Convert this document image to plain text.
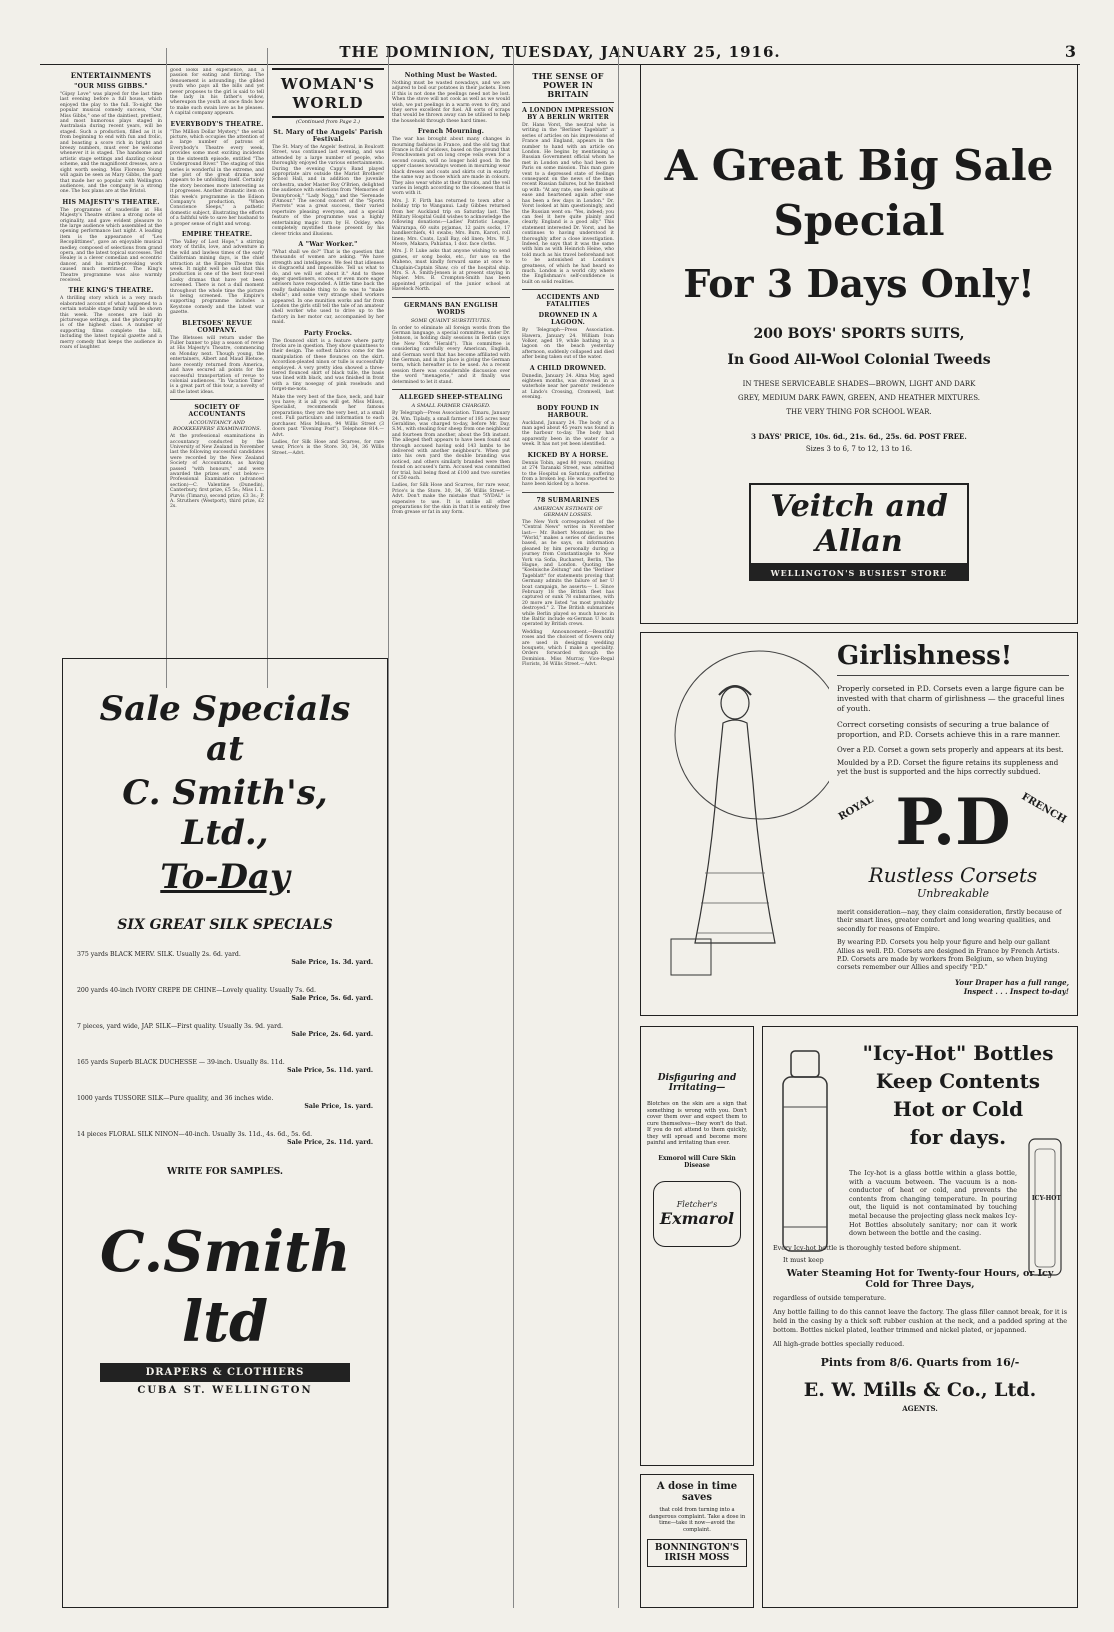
THE DOMINION, TUESDAY, JANUARY 25, 1916.	3
ENTERTAINMENTS
"OUR MISS GIBBS."

"Gipsy Love" was played for the last time last evening before a full house, which enjoyed the play to the full. To-night the popular musical comedy success, "Our Miss Gibbs," one of the daintiest, prettiest, and most humorous plays staged in Australasia during recent years, will be staged. Such a production, filled as it is from beginning to end with fun and frolic, and boasting a score rich in bright and breezy numbers, must ever be welcome whenever it is staged. The handsome and artistic stage settings and dazzling colour scheme, and the magnificent dresses, are a sight worth seeing. Miss Florence Young will again be seen as Mary Gibbs, the part that made her so popular with Wellington audiences, and the company is a strong one. The box plans are at the Bristol.

HIS MAJESTY'S THEATRE.

The programme of vaudeville at His Majesty's Theatre strikes a strong note of originality, and gave evident pleasure to the large audience which assembled at the opening performance last night. A leading item is the appearance of "Les Recoplittimes", gave an enjoyable musical medley, composed of selections from grand opera, and the latest topical successes. Ted Healey is a clever comedian and eccentric dancer, and his mirth-provoking work caused much merriment. The King's Theatre programme was also warmly received.

THE KING'S THEATRE.

A thrilling story which is a very much elaborated account of what happened to a certain notable stage family will be shown this week. The scenes are laid in picturesque settings, and the photography is of the highest class. A number of supporting films complete the bill, including the latest topical gazette and a merry comedy that keeps the audience in roars of laughter.

good looks and experience, and a passion for eating and flirting. The denouement is astounding; the gilded youth who pays all the bills and yet never proposes to the girl is said to tell the lady in his father's widow, whereupon the youth at once finds how to make such swain love as he pleases. A capital company appears.

EVERYBODY'S THEATRE.

"The Million Dollar Mystery," the serial picture, which occupies the attention of a large number of patrons of Everybody's Theatre every week, provides some most exciting incidents in the sixteenth episode, entitled "The Underground River." The staging of this series is wonderful in the extreme, and the plot of the great drama now appears to be unfolding itself. Certainly the story becomes more interesting as it progresses. Another dramatic item on this week's programme is the Edison Company's production, "When Conscience Sleeps," a pathetic domestic subject, illustrating the efforts of a faithful wife to save her husband to a proper sense of right and wrong.

EMPIRE THEATRE.

"The Valley of Lost Hope," a stirring story of thrills, love, and adventure in the wild and lawless times of the early Californian mining days, is the chief attraction at the Empire Theatre this week. It might well be said that this production is one of the best four-reel Lasky dramas that have yet been screened. There is not a dull moment throughout the whole time the picture is being screened. The Empire's supporting programme includes a Keystone comedy and the latest war gazette.

BLETSOES' REVUE COMPANY.

The Bletsoes will return under the Fuller banner to play a season of revue at His Majesty's Theatre, commencing on Monday next. Though young, the entertainers, Albert and Maud Bletsoe, have recently returned from America, and have secured all points for the successful transportation of revue to colonial audiences. "In Vacation Time" is a great part of this tour, a novelty of all the latest ideas.

SOCIETY OF ACCOUNTANTS
ACCOUNTANCY AND BOOKKEEPERS' EXAMINATIONS.

At the professional examinations in accountancy conducted by the University of New Zealand in November last the following successful candidates were recorded by the New Zealand Society of Accountants, as having passed "with honours," and were awarded the prizes set out below:— Professional Examination (advanced section)—C. Valentine (Dunedin), Canterbury, first prize, £5 5s.; Miss I. L. Purvis (Timaru), second prize, £3 3s.; P. A. Struthers (Westport), third prize, £2 2s.

WOMAN'S WORLD
(Continued from Page 2.)
St. Mary of the Angels' Parish Festival.

The St. Mary of the Angels' festival, in Boulcott Street, was continued last evening, and was attended by a large number of people, who thoroughly enjoyed the various entertainments. During the evening Capp's Band played appropriate airs outside the Marist Brothers' School Hall, and in addition the juvenile orchestra, under Master Roy O'Brien, delighted the audience with selections from "Memories of Donnybrook," "Lady Nogg," and the "Serenade d'Amour." The second concert of the "Sports Pierrots" was a great success, their varied repertoire pleasing everyone, and a special feature of the programme was a highly entertaining magic turn by H. Ockley, who completely mystified those present by his clever tricks and illusions.

A "War Worker."

"What shall we do?" That is the question that thousands of women are asking. "We have strength and intelligence. We feel that idleness is disgraceful and impossible. Tell us what to do, and we will set about it." And to these eager questioners, scores, or even more eager advisers have responded. A little time back the really fashionable thing to do was to "make shells"; and some very strange shell workers appeared. In one munition works and far from London the girls still tell the tale of an amateur shell worker who used to drive up to the factory in her motor car, accompanied by her maid.

Party Frocks.

The flounced skirt is a feature where party frocks are in question. They show quaintness to their design. The softest fabrics come for the manipulation of these flounces on the skirt. Accordion-pleated ninon or tulle is successfully employed. A very pretty idea showed a three-tiered flounced skirt of black tulle, the basis was lined with black, and was finished in front with a tiny nosegay of pink rosebuds and forget-me-nots.

Make the very best of the face, neck, and hair you have; it is all you will get. Miss Milson, Specialist, recommends her famous preparations; they are the very best, at a small cost. Full particulars and information to each purchaser. Miss Milson, 94 Willis Street (3 doors past "Evening Post"). Telephone 814.—Advt.

Ladies, for Silk Hose and Scarves, for rare wear, Price's is the Store. 30, 34, 36 Willis Street.—Advt.

Nothing Must be Wasted.

Nothing must be wasted nowadays, and we are adjured to boil our potatoes in their jackets. Even if this is not done the peelings need not be lost. When the stove will not cook as well as we would wish, we put peelings in a warm oven to dry, and they serve excellent for fuel. All sorts of scraps that would be thrown away can be utilised to help the household through these hard times.

French Mourning.

The war has brought about many changes in mourning fashions in France, and the old tag that France is full of widows, based on the ground that Frenchwomen put on long crepe veils even for a second cousin, will no longer hold good. In the upper classes nowadays women in mourning wear black dresses and coats and skirts cut in exactly the same way as those which are made in colours. They also wear white at their throats, and the veil varies in length according to the closeness that is worn with it.

Mrs. J. F. Firth has returned to town after a holiday trip to Wanganui. Lady Gibbes returned from her Auckland trip on Saturday last. The Military Hospital Guild wishes to acknowledge the following donations:—Ladies' Patriotic League, Wairarapa, 60 suits pyjamas, 12 pairs socks, 17 handkerchiefs, 41 swabs; Mrs. Burn, Karori, roll linen; Mrs. Coats, Lyall Bay, old linen; Mrs. W. J. Moore, Makara, Pahiatua, 1 doz. face cloths.

Mrs. J. P. Luke asks that anyone wishing to send games, or song books, etc., for use on the Maheno, must kindly forward same at once to Chaplain-Captain Shaw, c/o of the hospital ship. Mrs. S. A. Smith-Jensen is at present staying in Napier. Mrs. B. Crompton-Smith has been appointed principal of the junior school at Havelock North.

GERMANS BAN ENGLISH WORDS
SOME QUAINT SUBSTITUTES.

In order to eliminate all foreign words from the German language, a special committee, under Dr. Johnson, is holding daily sessions in Berlin (says the New York "Herald"). This committee is considering carefully every American, English, and German word that has become affiliated with the German, and in its place is giving the German term, which hereafter is to be used. As a recent session there was considerable discussion over the word "menagerie," and it finally was determined to let it stand.

ALLEGED SHEEP-STEALING
A SMALL FARMER CHARGED.

By Telegraph—Press Association. Timaru, January 24. Wm. Tiplady, a small farmer of 185 acres near Geraldine, was charged to-day, before Mr. Day, S.M., with stealing four sheep from one neighbour and fourteen from another, about the 5th instant. The alleged theft appears to have been found out through accused having sold 143 lambs to be delivered with another neighbour's. When put into his own yard the double branding was noticed, and others similarly branded were then found on accused's farm. Accused was committed for trial, bail being fixed at £100 and two sureties of £50 each.

Ladies, for Silk Hose and Scarves, for rare wear, Price's is the Store. 30, 34, 36 Willis Street.—Advt. Don't make the mistake that "SYDAL" is expensive to use. It is unlike all other preparations for the skin in that it is entirely free from grease or fat in any form.

THE SENSE OF POWER IN BRITAIN
A LONDON IMPRESSION BY A BERLIN WRITER

Dr. Hans Vorst, the neutral who is writing in the "Berliner Tageblatt" a series of articles on his impressions of France and England, appears in the number to hand with an article on London. He begins by mentioning a Russian Government official whom he met in London and who had been in Paris on some mission. This man gave vent to a depressed state of feelings consequent on the news of the then recent Russian failures, but he finished up with: "At any rate, one feels quite at ease and heartened again after one has been a few days in London." Dr. Vorst looked at him questioningly, and the Russian went on: "Yes, indeed; you can feel it here quite plainly and clearly. England is a good ally." This statement interested Dr. Vorst, and he continues to having understood it thoroughly after a close investigation. Indeed, he says that it was the same with him as with Heinrich Heine, who told much as his travel beforehand not to be astonished at London's greatness, of which he had heard so much. London is a world city where the Englishman's self-confidence is built on solid realities.

ACCIDENTS AND FATALITIES
DROWNED IN A LAGOON.

By Telegraph—Press Association. Hawera, January 24. William Ivan Volker, aged 19, while bathing in a lagoon on the beach yesterday afternoon, suddenly collapsed and died after being taken out of the water.

A CHILD DROWNED.

Dunedin, January 24. Alma May, aged eighteen months, was drowned in a waterhole near her parents' residence at Lindo's Crossing, Cromwell, last evening.

BODY FOUND IN HARBOUR.

Auckland, January 24. The body of a man aged about 45 years was found in the harbour to-day. The body had apparently been in the water for a week. It has not yet been identified.

KICKED BY A HORSE.

Dennis Tobin, aged 80 years, residing at 274 Taranaki Street, was admitted to the Hospital on Saturday, suffering from a broken leg. He was reported to have been kicked by a horse.

78 SUBMARINES
AMERICAN ESTIMATE OF GERMAN LOSSES.

The New York correspondent of the "Central News" writes in November last:— Mr. Robert Mountsier, in the "World," makes a series of disclosures based, as he says, on information gleaned by him personally during a journey from Constantinople to New York via Sofia, Bucharest, Berlin, The Hague, and London. Quoting the "Koelnische Zeitung" and the "Berliner Tageblatt" for statements proving that Germany admits the failure of her U boat campaign, he asserts:— 1. Since February 18 the British fleet has captured or sunk 78 submarines, with 20 more are listed "as most probably destroyed." 2. The British submarines while Berlin played so much havoc in the Baltic include ex-German U boats operated by British crews.

Wedding Announcement.—Beautiful roses and the choicest of flowers only are used in designing wedding bouquets, which I make a speciality. Orders forwarded through the Dominion. Miss Murray, Vice-Regal Florists, 36 Willis Street.—Advt.

Sale Specials at
C. Smith's, Ltd.,
To-Day
SIX GREAT SILK SPECIALS
375 yards BLACK MERV. SILK. Usually 2s. 6d. yard.
Sale Price, 1s. 3d. yard.
200 yards 40-inch IVORY CREPE DE CHINE—Lovely quality. Usually 7s. 6d.
Sale Price, 5s. 6d. yard.
7 pieces, yard wide, JAP. SILK—First quality. Usually 3s. 9d. yard.
Sale Price, 2s. 6d. yard.
165 yards Superb BLACK DUCHESSE — 39-inch. Usually 8s. 11d.
Sale Price, 5s. 11d. yard.
1000 yards TUSSORE SILK—Pure quality, and 36 inches wide.
Sale Price, 1s. yard.
14 pieces FLORAL SILK NINON—40-inch. Usually 3s. 11d., 4s. 6d., 5s. 6d.
Sale Price, 2s. 11d. yard.
WRITE FOR SAMPLES.
C.Smith ltd
DRAPERS & CLOTHIERS
CUBA ST. WELLINGTON
A Great Big Sale
Special
For 3 Days Only!
200 BOYS' SPORTS SUITS,
In Good All-Wool Colonial Tweeds
IN THESE SERVICEABLE SHADES—BROWN, LIGHT AND DARK
GREY, MEDIUM DARK FAWN, GREEN, AND HEATHER MIXTURES.
THE VERY THING FOR SCHOOL WEAR.
3 DAYS' PRICE, 10s. 6d., 21s. 6d., 25s. 6d. POST FREE.
Sizes 3 to 6, 7 to 12, 13 to 16.
Veitch and Allan
WELLINGTON'S BUSIEST STORE
Girlishness!

Properly corseted in P.D. Corsets even a large figure can be invested with that charm of girlishness — the graceful lines of youth.

Correct corseting consists of securing a true balance of proportion, and P.D. Corsets achieve this in a rare manner.

Over a P.D. Corset a gown sets properly and appears at its best.

Moulded by a P.D. Corset the figure retains its suppleness and yet the bust is supported and the hips correctly subdued.

ROYAL P.D FRENCH
Rustless Corsets
Unbreakable

merit consideration—nay, they claim consideration, firstly because of their smart lines, greater comfort and long wearing qualities, and secondly for reasons of Empire.

By wearing P.D. Corsets you help your figure and help our gallant Allies as well. P.D. Corsets are designed in France by French Artists. P.D. Corsets are made by workers from Belgium, so when buying corsets remember our Allies and specify "P.D."

Your Draper has a full range,
Inspect . . . Inspect to-day!
Disfiguring and Irritating—

Blotches on the skin are a sign that something is wrong with you. Don't cover them over and expect them to cure themselves—they won't do that. If you do not attend to them quickly, they will spread and become more painful and irritating than ever.

Exmorol will Cure Skin Disease
Fletcher's
Exmarol
A dose in time saves

that cold from turning into a dangerous complaint. Take a dose in time—take it now—avoid the complaint.

BONNINGTON'S IRISH MOSS
ICY-HOT
"Icy-Hot" Bottles
Keep Contents
Hot or Cold
for days.

The Icy-hot is a glass bottle within a glass bottle, with a vacuum between. The vacuum is a non-conductor of heat or cold, and prevents the contents from changing temperature. In pouring out, the liquid is not contaminated by touching metal because the projecting glass neck makes Icy-Hot Bottles absolutely sanitary; nor can it work down between the bottle and the casing.

Every Icy-hot bottle is thoroughly tested before shipment.

It must keep
Water Steaming Hot for Twenty-four Hours, or Icy Cold for Three Days,
regardless of outside temperature.

Any bottle failing to do this cannot leave the factory. The glass filler cannot break, for it is held in the casing by a thick soft rubber cushion at the neck, and a padded spring at the bottom. Bottles nickel plated, leather trimmed and nickel plated, or japanned.

All high-grade bottles specially reduced.
Pints from 8/6. Quarts from 16/-
E. W. Mills & Co., Ltd.
AGENTS.
